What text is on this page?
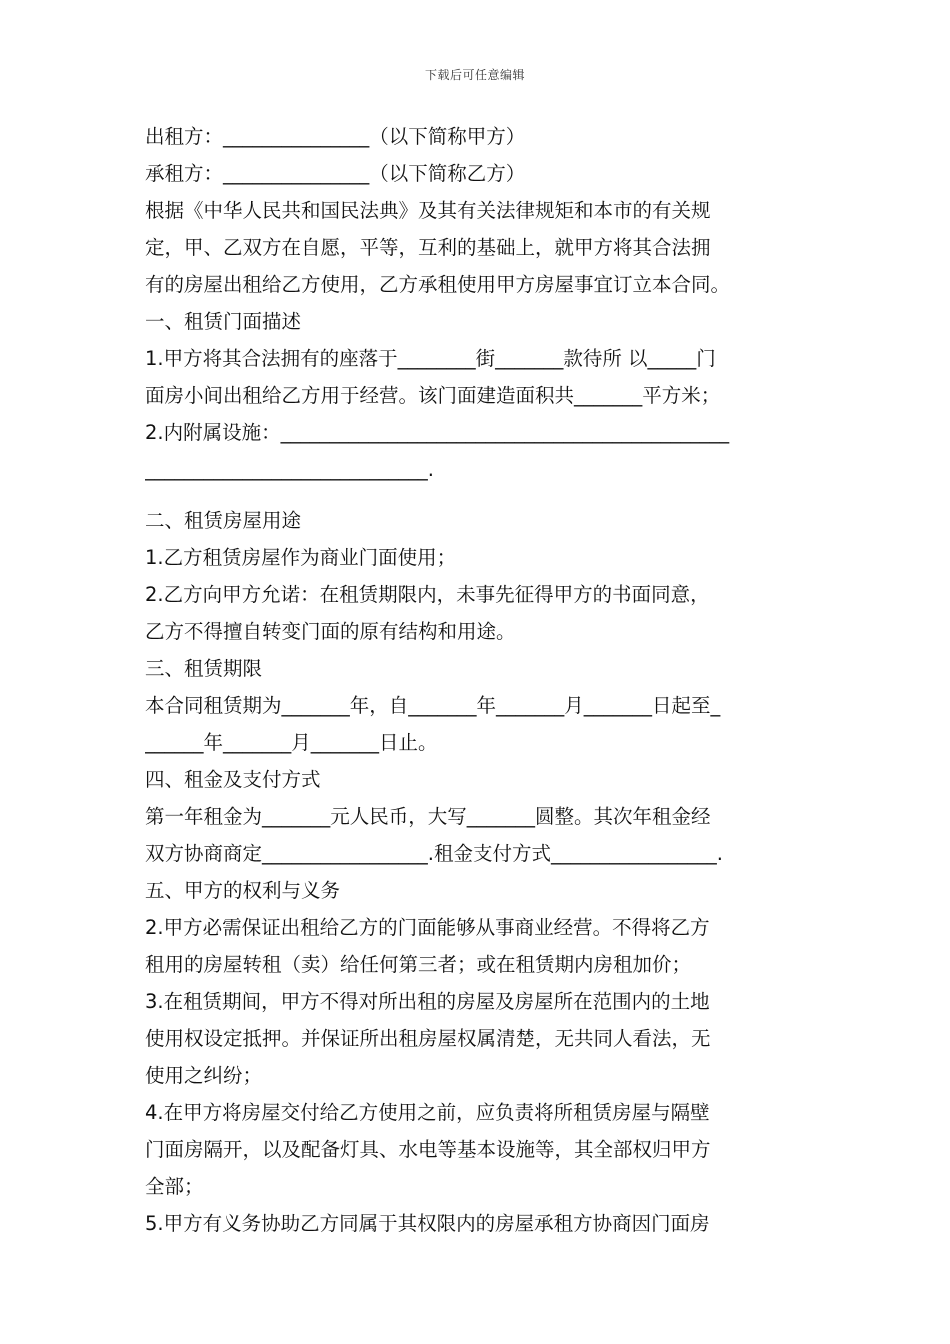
下载后可任意编辑
出租方：_______________（以下简称甲方）
承租方：_______________（以下简称乙方）
根据《中华人民共和国民法典》及其有关法律规矩和本市的有关规
定，甲、乙双方在自愿，平等，互利的基础上，就甲方将其合法拥
有的房屋出租给乙方使用，乙方承租使用甲方房屋事宜订立本合同。
一、租赁门面描述
1.甲方将其合法拥有的座落于________街_______款待所 以_____门
面房小间出租给乙方用于经营。该门面建造面积共_______平方米；
2.内附属设施：______________________________________________
_____________________________.
二、租赁房屋用途
1.乙方租赁房屋作为商业门面使用；
2.乙方向甲方允诺：在租赁期限内，未事先征得甲方的书面同意，
乙方不得擅自转变门面的原有结构和用途。
三、租赁期限
本合同租赁期为_______年，自_______年_______月_______日起至_
______年_______月_______日止。
四、租金及支付方式
第一年租金为_______元人民币，大写_______圆整。其次年租金经
双方协商商定_________________.租金支付方式_________________.
五、甲方的权利与义务
2.甲方必需保证出租给乙方的门面能够从事商业经营。不得将乙方
租用的房屋转租（卖）给任何第三者；或在租赁期内房租加价；
3.在租赁期间，甲方不得对所出租的房屋及房屋所在范围内的土地
使用权设定抵押。并保证所出租房屋权属清楚，无共同人看法，无
使用之纠纷；
4.在甲方将房屋交付给乙方使用之前，应负责将所租赁房屋与隔壁
门面房隔开，以及配备灯具、水电等基本设施等，其全部权归甲方
全部；
5.甲方有义务协助乙方同属于其权限内的房屋承租方协商因门面房
